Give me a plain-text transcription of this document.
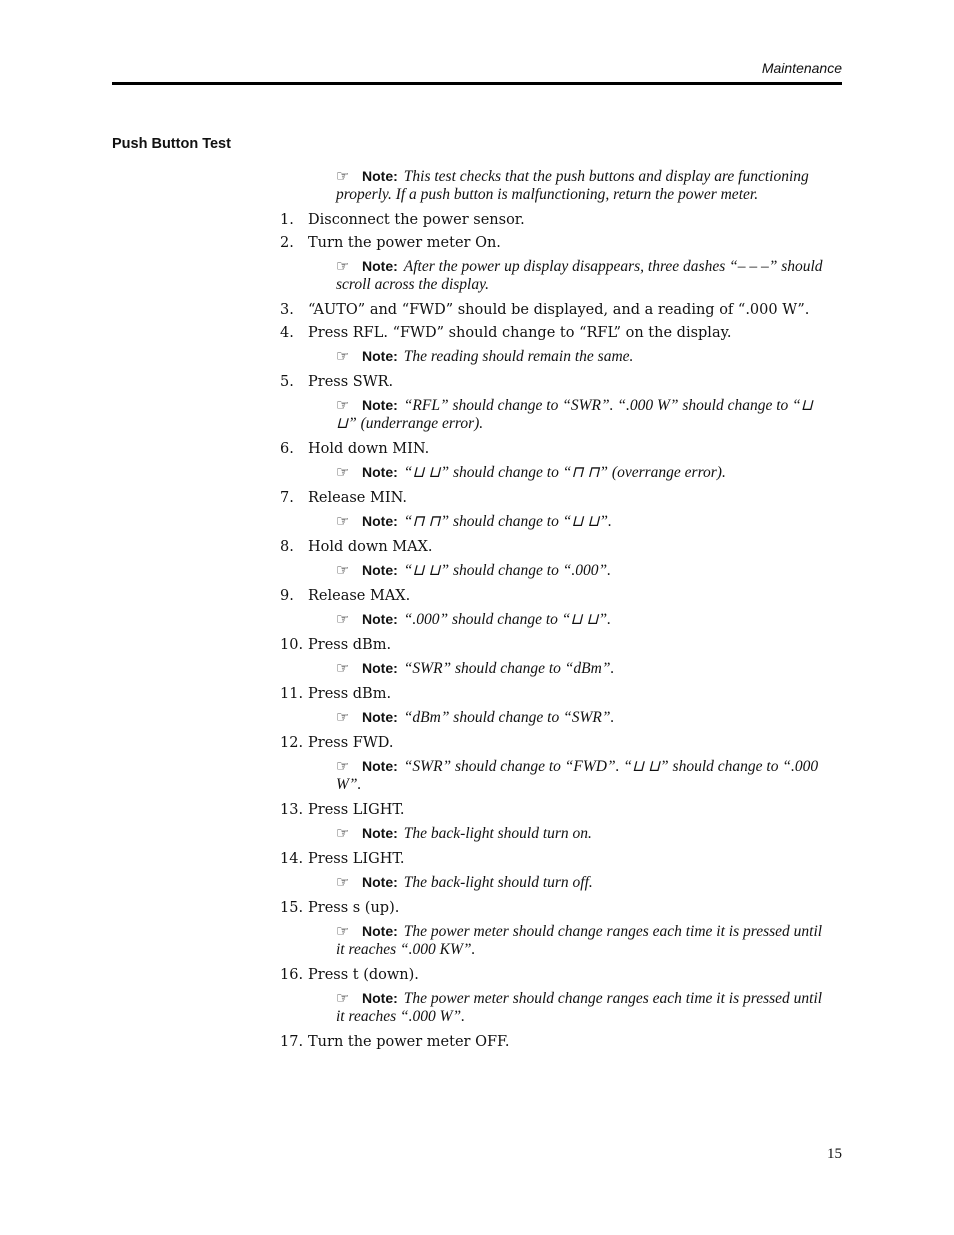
Maintenance
Push Button Test
☞ Note: This test checks that the push buttons and display are functioning properly. If a push button is malfunctioning, return the power meter.
1. Disconnect the power sensor.
2. Turn the power meter On.
☞ Note: After the power up display disappears, three dashes “– – –” should scroll across the display.
3. “AUTO” and “FWD” should be displayed, and a reading of “.000 W”.
4. Press RFL. “FWD” should change to “RFL” on the display.
☞ Note: The reading should remain the same.
5. Press SWR.
☞ Note: “RFL” should change to “SWR”. “.000 W” should change to “⊔ ⊔” (underrange error).
6. Hold down MIN.
☞ Note: “⊔ ⊔” should change to “⊓ ⊓” (overrange error).
7. Release MIN.
☞ Note: “⊓ ⊓” should change to “⊔ ⊔”.
8. Hold down MAX.
☞ Note: “⊔ ⊔” should change to “.000”.
9. Release MAX.
☞ Note: “.000” should change to “⊔ ⊔”.
10. Press dBm.
☞ Note: “SWR” should change to “dBm”.
11. Press dBm.
☞ Note: “dBm” should change to “SWR”.
12. Press FWD.
☞ Note: “SWR” should change to “FWD”. “⊔ ⊔” should change to “.000 W”.
13. Press LIGHT.
☞ Note: The back-light should turn on.
14. Press LIGHT.
☞ Note: The back-light should turn off.
15. Press s (up).
☞ Note: The power meter should change ranges each time it is pressed until it reaches “.000 KW”.
16. Press t (down).
☞ Note: The power meter should change ranges each time it is pressed until it reaches “.000 W”.
17. Turn the power meter OFF.
15
